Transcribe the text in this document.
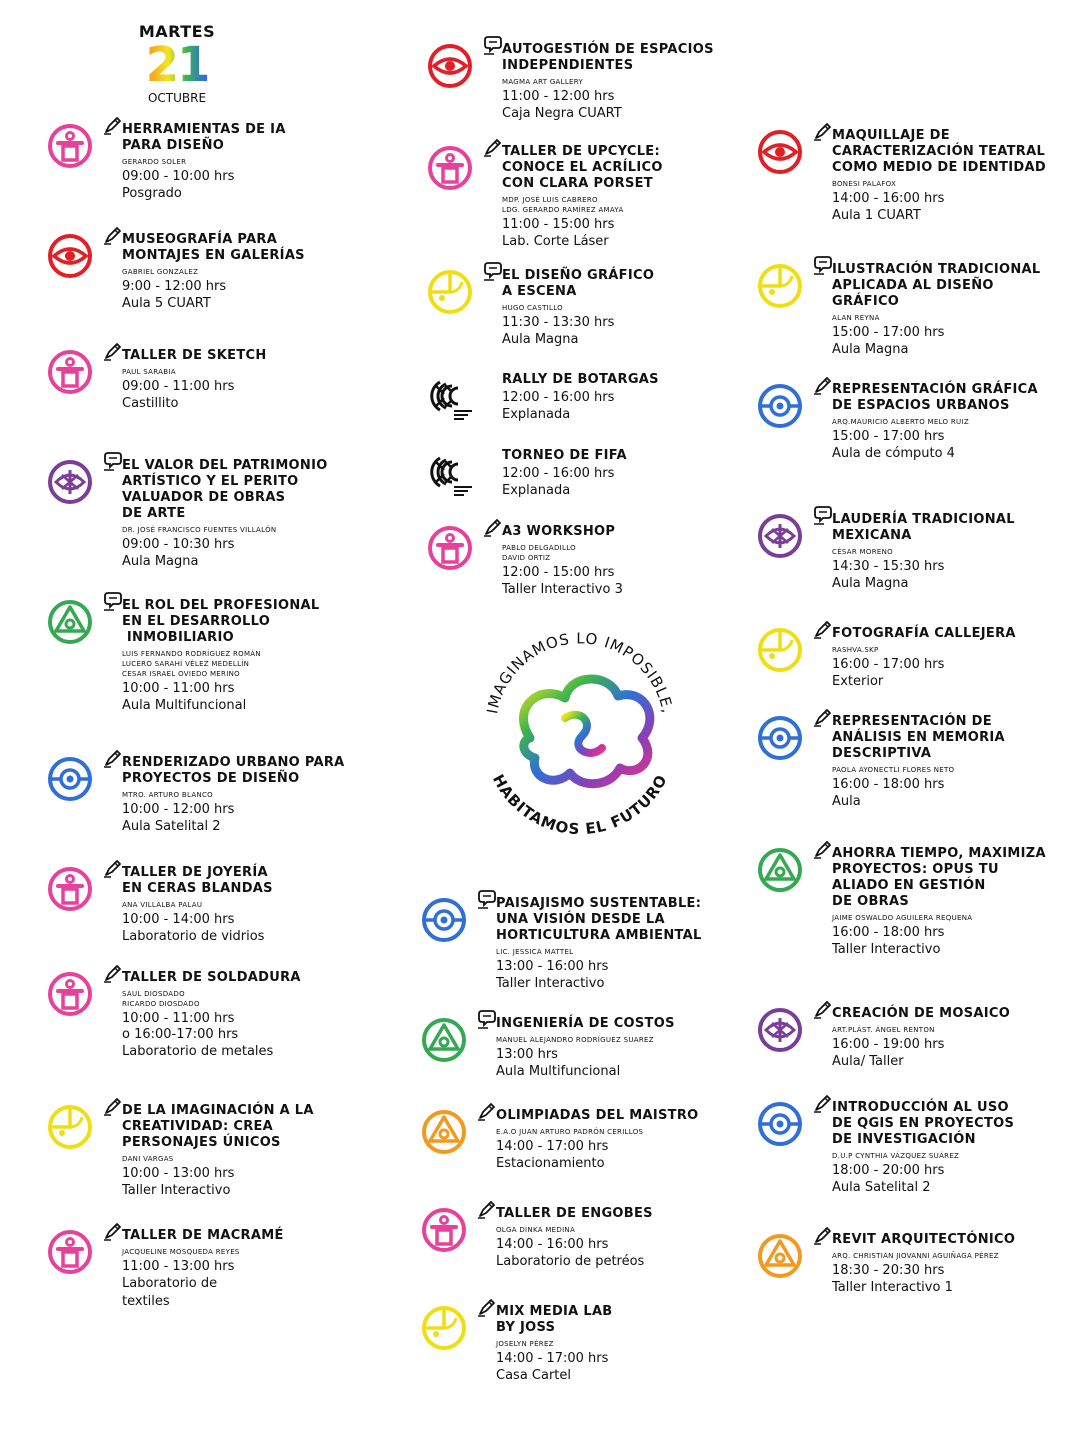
MARTES
21
OCTUBRE
HERRAMIENTAS DE IA
PARA DISEÑO
GERARDO SOLER
09:00 - 10:00 hrs
Posgrado
MUSEOGRAFÍA PARA
MONTAJES EN GALERÍAS
GABRIEL GONZALEZ
9:00 - 12:00 hrs
Aula 5 CUART
TALLER DE SKETCH
PAUL SARABIA
09:00 - 11:00 hrs
Castillito
EL VALOR DEL PATRIMONIO
ARTÍSTICO Y EL PERITO
VALUADOR DE OBRAS
DE ARTE
DR. JOSÉ FRANCISCO FUENTES VILLALÓN
09:00 - 10:30 hrs
Aula Magna
EL ROL DEL PROFESIONAL
EN EL DESARROLLO
INMOBILIARIO
LUIS FERNANDO RODRÍGUEZ ROMÁN
LUCERO SARAHÍ VÉLEZ MEDELLÍN
CESAR ISRAEL OVIEDO MERINO
10:00 - 11:00 hrs
Aula Multifuncional
RENDERIZADO URBANO PARA
PROYECTOS DE DISEÑO
MTRO. ARTURO BLANCO
10:00 - 12:00 hrs
Aula Satelital 2
TALLER DE JOYERÍA
EN CERAS BLANDAS
ANA VILLALBA PALAU
10:00 - 14:00 hrs
Laboratorio de vidrios
TALLER DE SOLDADURA
SAUL DIOSDADO
RICARDO DIOSDADO
10:00 - 11:00 hrs
o 16:00-17:00 hrs
Laboratorio de metales
DE LA IMAGINACIÓN A LA
CREATIVIDAD: CREA
PERSONAJES ÚNICOS
DANI VARGAS
10:00 - 13:00 hrs
Taller Interactivo
TALLER DE MACRAMÉ
JACQUELINE MOSQUEDA REYES
11:00 - 13:00 hrs
Laboratorio de
textiles
AUTOGESTIÓN DE ESPACIOS
INDEPENDIENTES
MAGMA ART GALLERY
11:00 - 12:00 hrs
Caja Negra CUART
TALLER DE UPCYCLE:
CONOCE EL ACRÍLICO
CON CLARA PORSET
MDP. JOSÉ LUIS CABRERO
LDG. GERARDO RAMÍREZ AMAYA
11:00 - 15:00 hrs
Lab. Corte Láser
EL DISEÑO GRÁFICO
A ESCENA
HUGO CASTILLO
11:30 - 13:30 hrs
Aula Magna
RALLY DE BOTARGAS
12:00 - 16:00 hrs
Explanada
TORNEO DE FIFA
12:00 - 16:00 hrs
Explanada
A3 WORKSHOP
PABLO DELGADILLO
DAVID ORTIZ
12:00 - 15:00 hrs
Taller Interactivo 3
PAISAJISMO SUSTENTABLE:
UNA VISIÓN DESDE LA
HORTICULTURA AMBIENTAL
LIC. JESSICA MATTEL
13:00 - 16:00 hrs
Taller Interactivo
INGENIERÍA DE COSTOS
MANUEL ALEJANDRO RODRÍGUEZ SUAREZ
13:00 hrs
Aula Multifuncional
OLIMPIADAS DEL MAISTRO
E.A.O JUAN ARTURO PADRÓN CERILLOS
14:00 - 17:00 hrs
Estacionamiento
TALLER DE ENGOBES
OLGA DINKA MEDINA
14:00 - 16:00 hrs
Laboratorio de petréos
MIX MEDIA LAB
BY JOSS
JOSELYN PÉREZ
14:00 - 17:00 hrs
Casa Cartel
MAQUILLAJE DE
CARACTERIZACIÓN TEATRAL
COMO MEDIO DE IDENTIDAD
BONESI PALAFOX
14:00 - 16:00 hrs
Aula 1 CUART
ILUSTRACIÓN TRADICIONAL
APLICADA AL DISEÑO
GRÁFICO
ALAN REYNA
15:00 - 17:00 hrs
Aula Magna
REPRESENTACIÓN GRÁFICA
DE ESPACIOS URBANOS
ARQ.MAURICIO ALBERTO MELO RUIZ
15:00 - 17:00 hrs
Aula de cómputo 4
LAUDERÍA TRADICIONAL
MEXICANA
CÉSAR MORENO
14:30 - 15:30 hrs
Aula Magna
FOTOGRAFÍA CALLEJERA
RASHVA.SKP
16:00 - 17:00 hrs
Exterior
REPRESENTACIÓN DE
ANÁLISIS EN MEMORIA
DESCRIPTIVA
PAOLA AYONECTLI FLORES NETO
16:00 - 18:00 hrs
Aula
AHORRA TIEMPO, MAXIMIZA
PROYECTOS: OPUS TU
ALIADO EN GESTIÓN
DE OBRAS
JAIME OSWALDO AGUILERA REQUENA
16:00 - 18:00 hrs
Taller Interactivo
CREACIÓN DE MOSAICO
ART.PLÁST. ÁNGEL RENTON
16:00 - 19:00 hrs
Aula/ Taller
INTRODUCCIÓN AL USO
DE QGIS EN PROYECTOS
DE INVESTIGACIÓN
D.U.P CYNTHIA VÁZQUEZ SUÁREZ
18:00 - 20:00 hrs
Aula Satelital 2
REVIT ARQUITECTÓNICO
ARQ. CHRISTIAN JIOVANNI AGUIÑAGA PÉREZ
18:30 - 20:30 hrs
Taller Interactivo 1
IMAGINAMOS LO IMPOSIBLE,
HABITAMOS EL FUTURO
